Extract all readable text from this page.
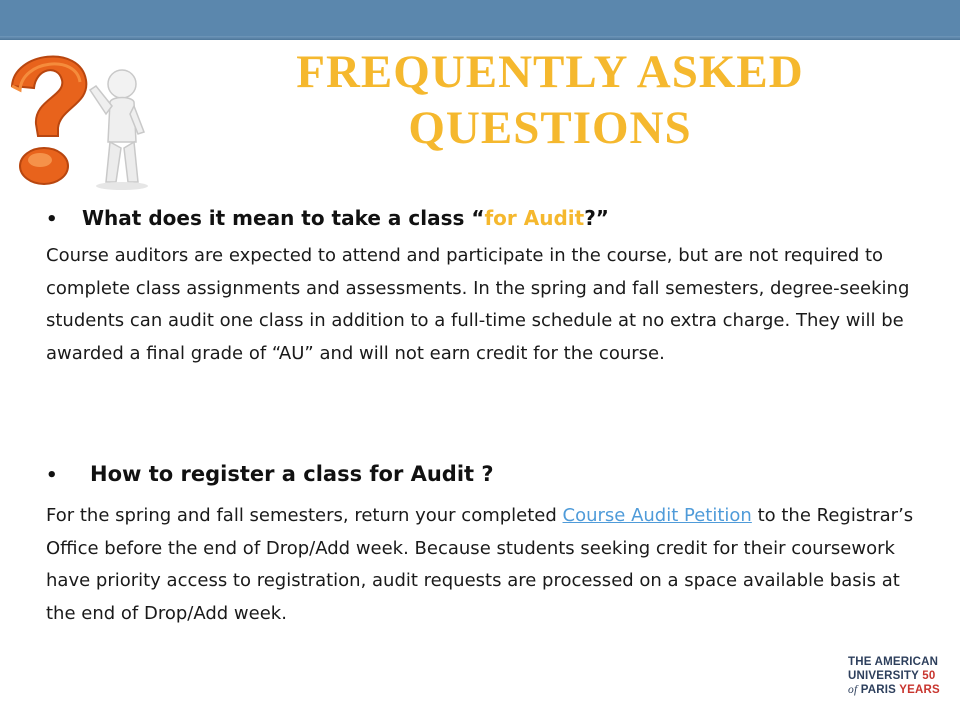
FREQUENTLY ASKED
QUESTIONS
• What does it mean to take a class “for Audit?”
Course auditors are expected to attend and participate in the course, but are not required to complete class assignments and assessments. In the spring and fall semesters, degree-seeking students can audit one class in addition to a full-time schedule at no extra charge. They will be awarded a final grade of “AU” and will not earn credit for the course.
• How to register a class for Audit ?
For the spring and fall semesters, return your completed Course Audit Petition to the Registrar’s Office before the end of Drop/Add week. Because students seeking credit for their coursework have priority access to registration, audit requests are processed on a space available basis at the end of Drop/Add week.
THE AMERICAN
UNIVERSITY 50
of PARIS YEARS
